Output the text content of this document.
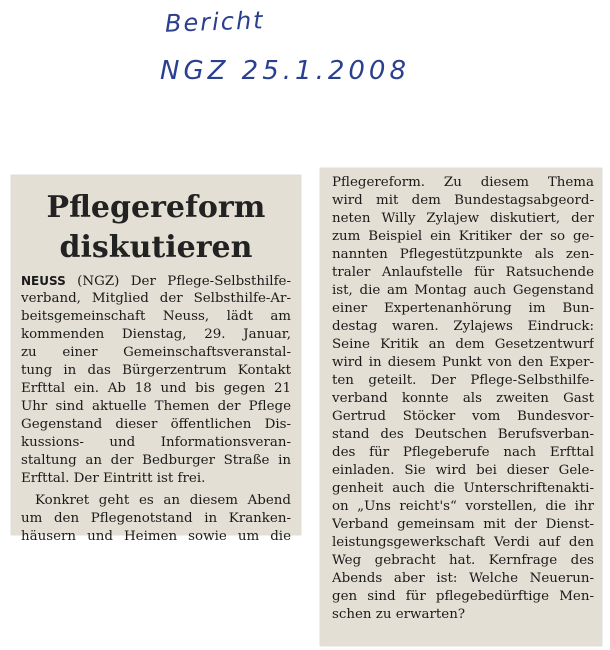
Bericht
NGZ 25.1.2008
Pflegereform
diskutieren
NEUSS (NGZ) Der Pflege-Selbsthilfe-
verband, Mitglied der Selbsthilfe-Ar-
beitsgemeinschaft Neuss, lädt am
kommenden Dienstag, 29. Januar,
zu einer Gemeinschaftsveranstal-
tung in das Bürgerzentrum Kontakt
Erfttal ein. Ab 18 und bis gegen 21
Uhr sind aktuelle Themen der Pflege
Gegenstand dieser öffentlichen Dis-
kussions- und Informationsveran-
staltung an der Bedburger Straße in
Erfttal. Der Eintritt ist frei.
Konkret geht es an diesem Abend
um den Pflegenotstand in Kranken-
häusern und Heimen sowie um die
Pflegereform. Zu diesem Thema
wird mit dem Bundestagsabgeord-
neten Willy Zylajew diskutiert, der
zum Beispiel ein Kritiker der so ge-
nannten Pflegestützpunkte als zen-
traler Anlaufstelle für Ratsuchende
ist, die am Montag auch Gegenstand
einer Expertenanhörung im Bun-
destag waren. Zylajews Eindruck:
Seine Kritik an dem Gesetzentwurf
wird in diesem Punkt von den Exper-
ten geteilt. Der Pflege-Selbsthilfe-
verband konnte als zweiten Gast
Gertrud Stöcker vom Bundesvor-
stand des Deutschen Berufsverban-
des für Pflegeberufe nach Erfttal
einladen. Sie wird bei dieser Gele-
genheit auch die Unterschriftenakti-
on „Uns reicht's“ vorstellen, die ihr
Verband gemeinsam mit der Dienst-
leistungsgewerkschaft Verdi auf den
Weg gebracht hat. Kernfrage des
Abends aber ist: Welche Neuerun-
gen sind für pflegebedürftige Men-
schen zu erwarten?
